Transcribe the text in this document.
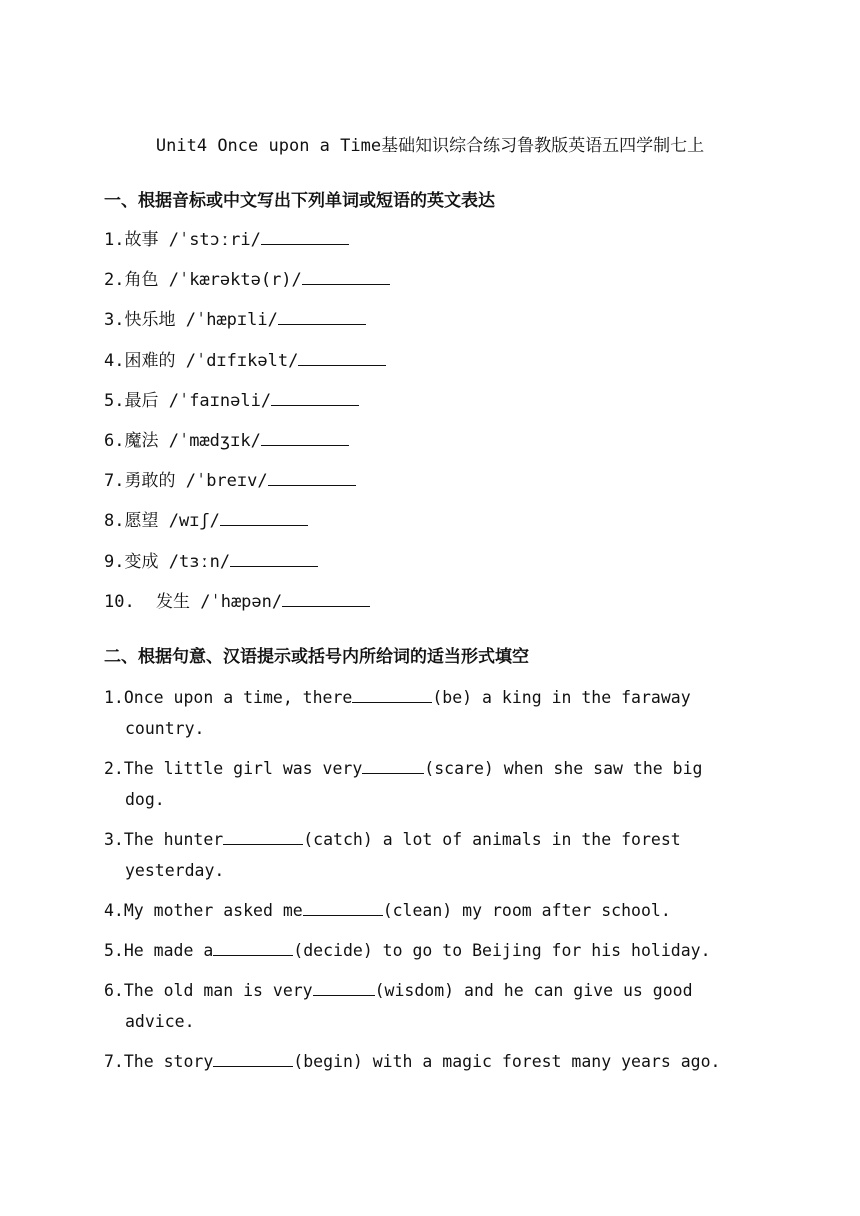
Unit4 Once upon a Time基础知识综合练习鲁教版英语五四学制七上
一、根据音标或中文写出下列单词或短语的英文表达
1.故事 /ˈstɔːri/
2.角色 /ˈkærəktə(r)/
3.快乐地 /ˈhæpɪli/
4.困难的 /ˈdɪfɪkəlt/
5.最后 /ˈfaɪnəli/
6.魔法 /ˈmædʒɪk/
7.勇敢的 /ˈbreɪv/
8.愿望 /wɪʃ/
9.变成 /tɜːn/
10. 发生 /ˈhæpən/
二、根据句意、汉语提示或括号内所给词的适当形式填空
1.Once upon a time, there	(be) a king in the faraway country.
2.The little girl was very	(scare) when she saw the big dog.
3.The hunter	(catch) a lot of animals in the forest yesterday.
4.My mother asked me	(clean) my room after school.
5.He made a	(decide) to go to Beijing for his holiday.
6.The old man is very	(wisdom) and he can give us good advice.
7.The story	(begin) with a magic forest many years ago.
